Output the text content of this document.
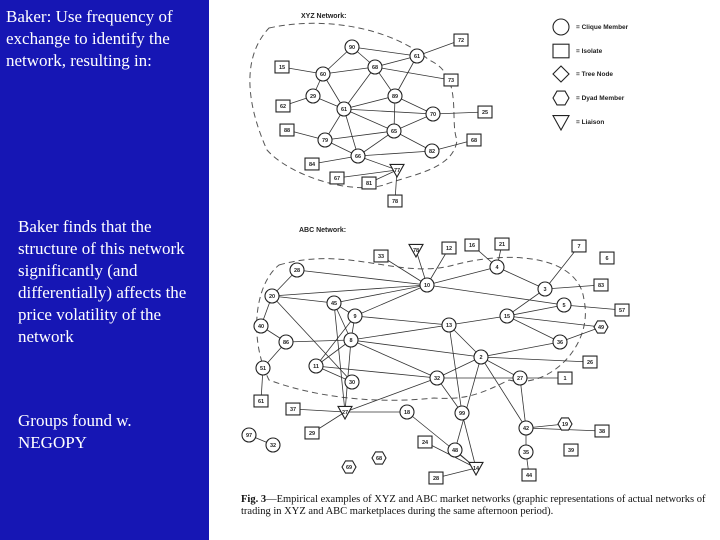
Baker: Use frequency of exchange to identify the network, resulting in:

Baker finds that the structure of this network significantly (and differentially) affects the price volatility of the network

Groups found w. NEGOPY

XYZ Network:
ABC Network:
= Clique Member
= Isolate
= Tree Node
= Dyad Member
= Liaison
72
90
61
68
15
60
73
29	89
62	61
70	25
88	65
79	68
66
82
84
77
67
81
78
78
33
12	16	21	7
6
28	4
10
3
83
20
45	5
9
57
15
40	13	49
86	8	36
2
26
51	11
30
32	27	1
61
37	27	18	99
42
19
38
97
32
29
24
48	35
68
69	14
28	44
39
Fig. 3—Empirical examples of XYZ and ABC market networks (graphic representations of actual networks of trading in XYZ and ABC marketplaces during the same afternoon period).
